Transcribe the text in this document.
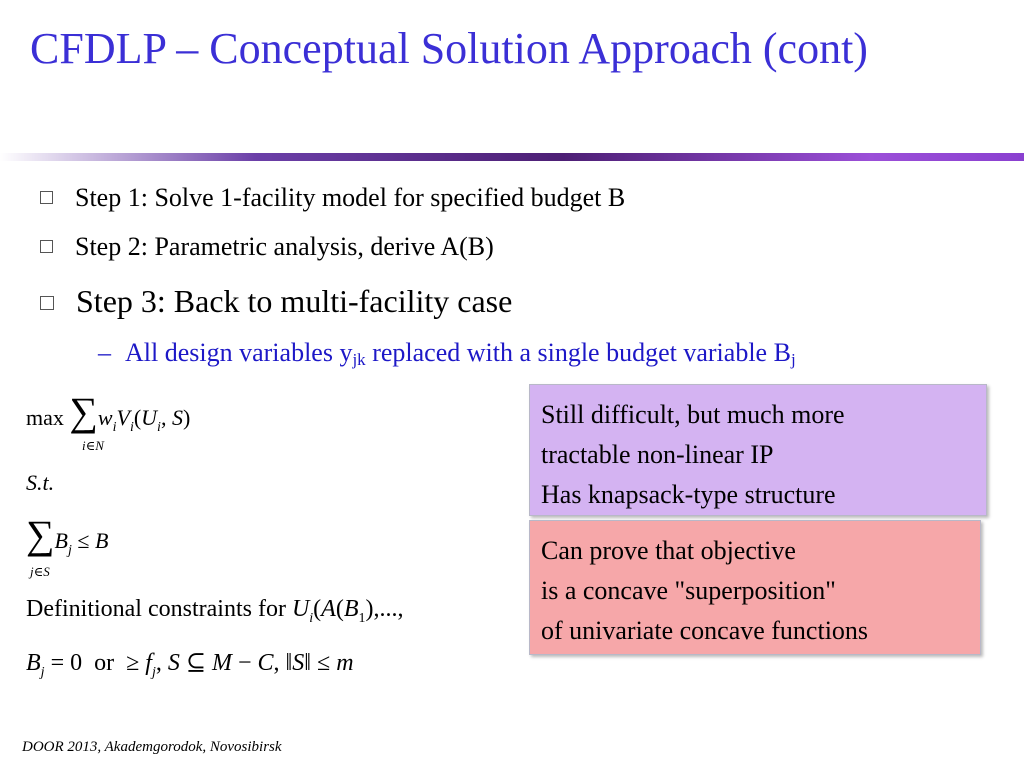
CFDLP – Conceptual Solution Approach (cont)
Step 1: Solve 1-facility model for specified budget B
Step 2: Parametric analysis, derive A(B)
Step 3: Back to multi-facility case
– All design variables $y_{jk}$ replaced with a single budget variable $B_j$
$\max \sum w_iV_i(U_i$, S)
i∈N
S.t.
$\sum B_j \le B$
j∈S
Definitional constraints for $U_i(A(B_1)$,...,
$B_j = 0$  or  ≥ $f_j$, S ⊆ M − C, ‖S‖ ≤ m
Still difficult, but much more
tractable non-linear IP
Has knapsack-type structure
Can prove that objective
is a concave "superposition"
of univariate concave functions
DOOR 2013, Akademgorodok, Novosibirsk
